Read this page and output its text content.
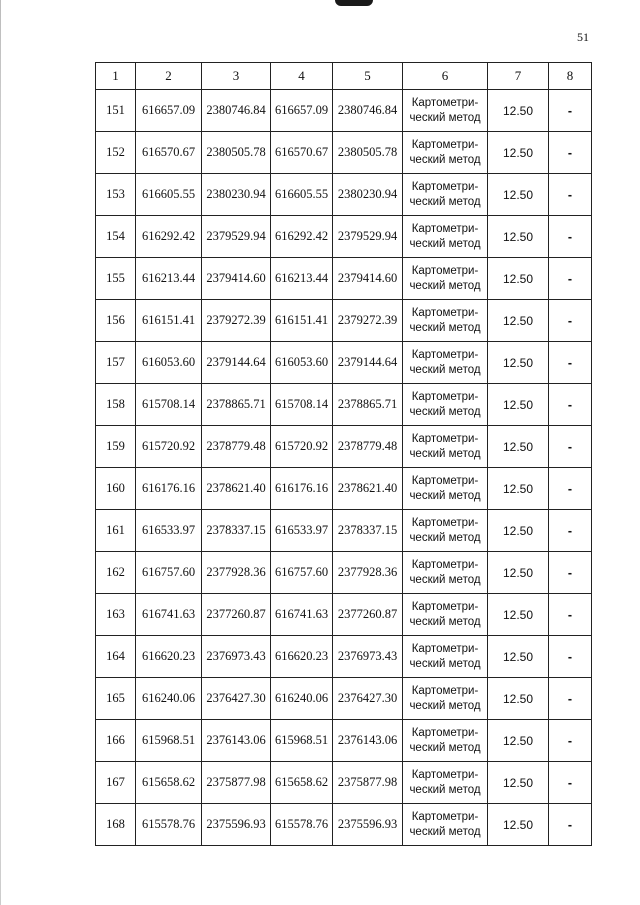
51
1	2	3	4	5	6	7	8
151	616657.09	2380746.84	616657.09	2380746.84	Картометри-
ческий метод	12.50	-
152	616570.67	2380505.78	616570.67	2380505.78	Картометри-
ческий метод	12.50	-
153	616605.55	2380230.94	616605.55	2380230.94	Картометри-
ческий метод	12.50	-
154	616292.42	2379529.94	616292.42	2379529.94	Картометри-
ческий метод	12.50	-
155	616213.44	2379414.60	616213.44	2379414.60	Картометри-
ческий метод	12.50	-
156	616151.41	2379272.39	616151.41	2379272.39	Картометри-
ческий метод	12.50	-
157	616053.60	2379144.64	616053.60	2379144.64	Картометри-
ческий метод	12.50	-
158	615708.14	2378865.71	615708.14	2378865.71	Картометри-
ческий метод	12.50	-
159	615720.92	2378779.48	615720.92	2378779.48	Картометри-
ческий метод	12.50	-
160	616176.16	2378621.40	616176.16	2378621.40	Картометри-
ческий метод	12.50	-
161	616533.97	2378337.15	616533.97	2378337.15	Картометри-
ческий метод	12.50	-
162	616757.60	2377928.36	616757.60	2377928.36	Картометри-
ческий метод	12.50	-
163	616741.63	2377260.87	616741.63	2377260.87	Картометри-
ческий метод	12.50	-
164	616620.23	2376973.43	616620.23	2376973.43	Картометри-
ческий метод	12.50	-
165	616240.06	2376427.30	616240.06	2376427.30	Картометри-
ческий метод	12.50	-
166	615968.51	2376143.06	615968.51	2376143.06	Картометри-
ческий метод	12.50	-
167	615658.62	2375877.98	615658.62	2375877.98	Картометри-
ческий метод	12.50	-
168	615578.76	2375596.93	615578.76	2375596.93	Картометри-
ческий метод	12.50	-
